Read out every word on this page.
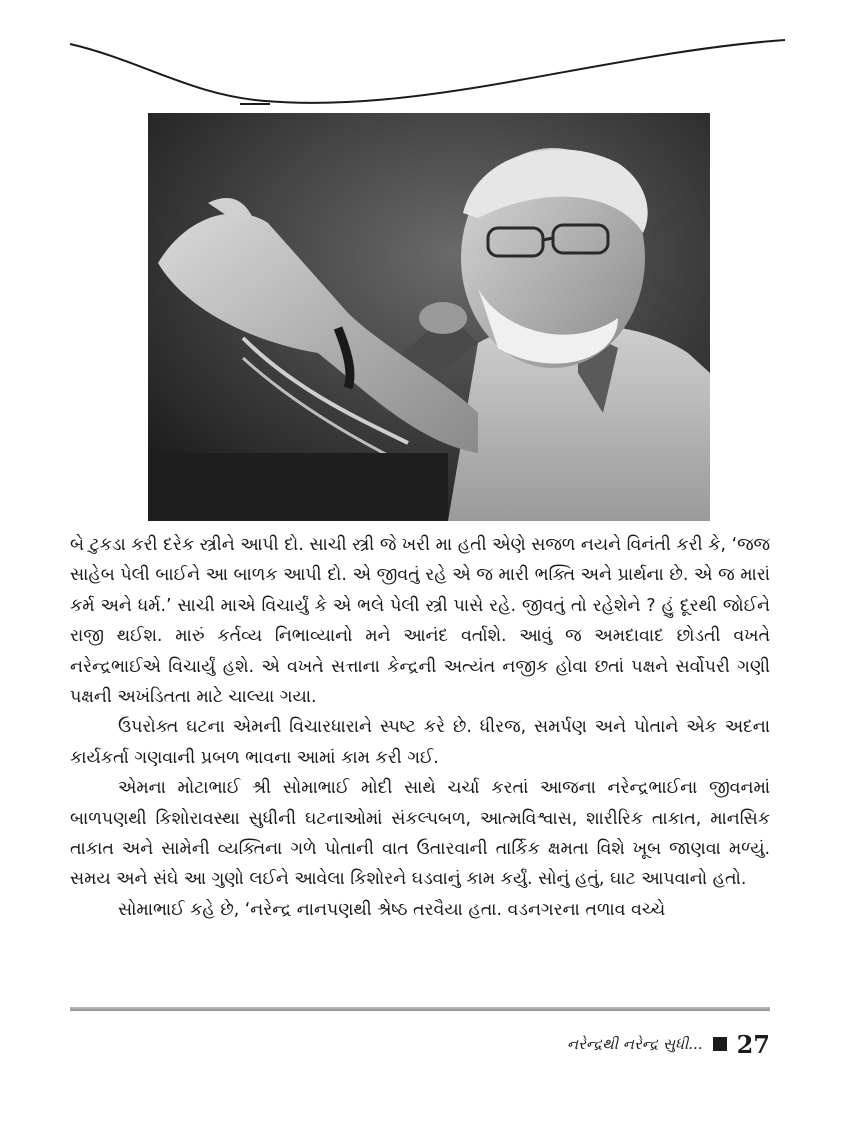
બે ટુકડા કરી દરેક સ્ત્રીને આપી દો. સાચી સ્ત્રી જે ખરી મા હતી એણે સજળ નયને વિનંતી કરી કે, ‘જજ સાહેબ પેલી બાઈને આ બાળક આપી દો. એ જીવતું રહે એ જ મારી ભક્તિ અને પ્રાર્થના છે. એ જ મારાં કર્મ અને ધર્મ.’ સાચી માએ વિચાર્યું કે એ ભલે પેલી સ્ત્રી પાસે રહે. જીવતું તો રહેશેને ? હું દૂરથી જોઈને રાજી થઈશ. મારું કર્તવ્ય નિભાવ્યાનો મને આનંદ વર્તાશે. આવું જ અમદાવાદ છોડતી વખતે નરેન્દ્રભાઈએ વિચાર્યું હશે. એ વખતે સત્તાના કેન્દ્રની અત્યંત નજીક હોવા છતાં પક્ષને સર્વોપરી ગણી પક્ષની અખંડિતતા માટે ચાલ્યા ગયા.

ઉપરોક્ત ઘટના એમની વિચારધારાને સ્પષ્ટ કરે છે. ધીરજ, સમર્પણ અને પોતાને એક અદના કાર્યકર્તા ગણવાની પ્રબળ ભાવના આમાં કામ કરી ગઈ.

એમના મોટાભાઈ શ્રી સોમાભાઈ મોદી સાથે ચર્ચા કરતાં આજના નરેન્દ્રભાઈના જીવનમાં બાળપણથી કિશોરાવસ્થા સુધીની ઘટનાઓમાં સંકલ્પબળ, આત્મવિશ્વાસ, શારીરિક તાકાત, માનસિક તાકાત અને સામેની વ્યક્તિના ગળે પોતાની વાત ઉતારવાની તાર્કિક ક્ષમતા વિશે ખૂબ જાણવા મળ્યું. સમય અને સંઘે આ ગુણો લઈને આવેલા કિશોરને ઘડવાનું કામ કર્યું. સોનું હતું, ઘાટ આપવાનો હતો.

સોમાભાઈ કહે છે, ‘નરેન્દ્ર નાનપણથી શ્રેષ્ઠ તરવૈયા હતા. વડનગરના તળાવ વચ્ચે

નરેન્દ્રથી નરેન્દ્ર સુધી... 27
